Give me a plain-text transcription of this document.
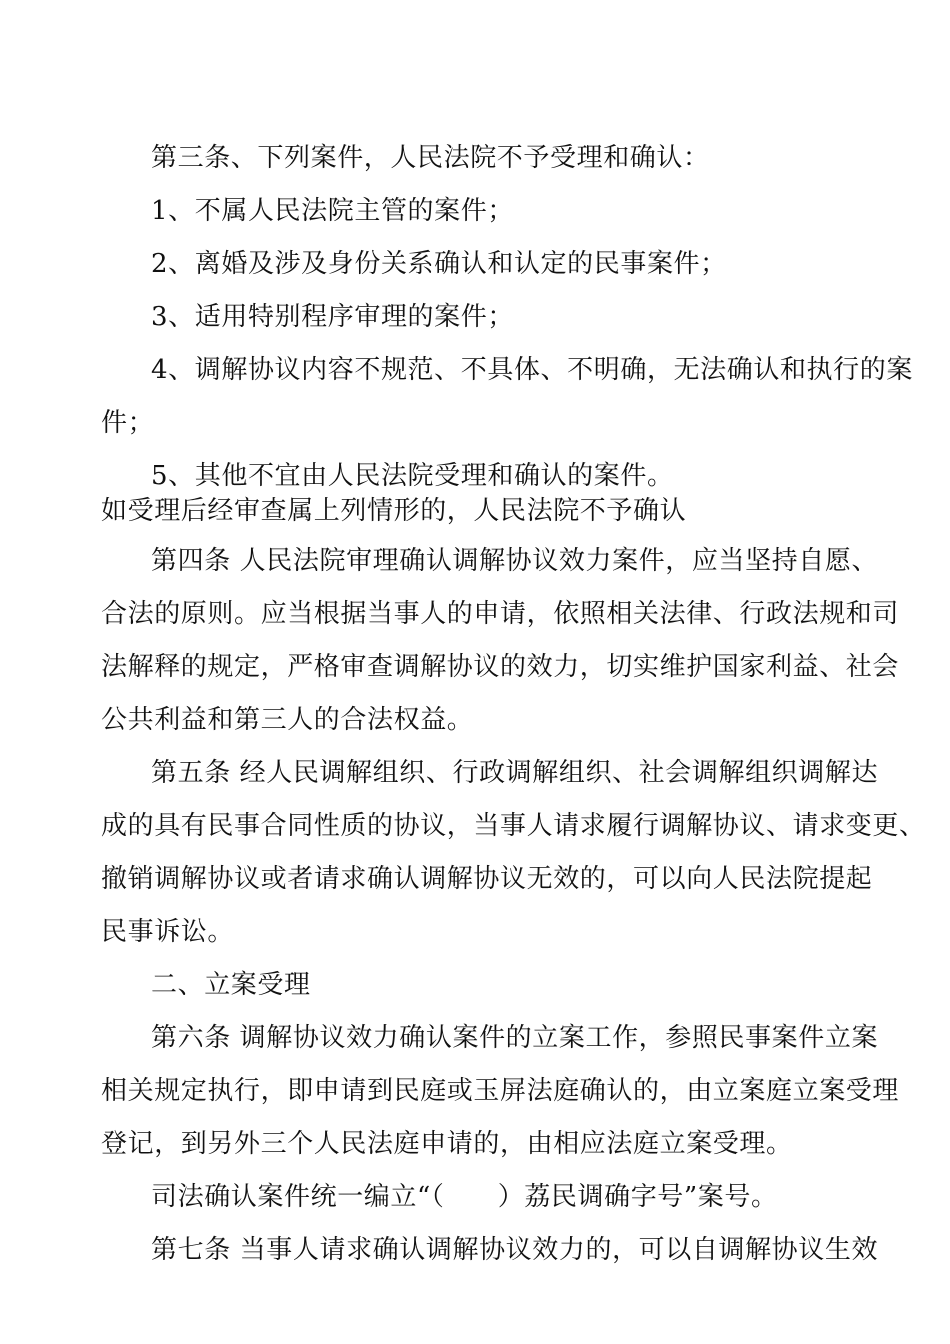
第三条、下列案件，人民法院不予受理和确认：
1、不属人民法院主管的案件；
2、离婚及涉及身份关系确认和认定的民事案件；
3、适用特别程序审理的案件；
4、调解协议内容不规范、不具体、不明确，无法确认和执行的案
件；
5、其他不宜由人民法院受理和确认的案件。
如受理后经审查属上列情形的，人民法院不予确认
第四条 人民法院审理确认调解协议效力案件，应当坚持自愿、
合法的原则。应当根据当事人的申请，依照相关法律、行政法规和司
法解释的规定，严格审查调解协议的效力，切实维护国家利益、社会
公共利益和第三人的合法权益。
第五条 经人民调解组织、行政调解组织、社会调解组织调解达
成的具有民事合同性质的协议，当事人请求履行调解协议、请求变更、
撤销调解协议或者请求确认调解协议无效的，可以向人民法院提起
民事诉讼。
二、立案受理
第六条 调解协议效力确认案件的立案工作，参照民事案件立案
相关规定执行，即申请到民庭或玉屏法庭确认的，由立案庭立案受理
登记，到另外三个人民法庭申请的，由相应法庭立案受理。
司法确认案件统一编立“（　　）荔民调确字号”案号。
第七条 当事人请求确认调解协议效力的，可以自调解协议生效
